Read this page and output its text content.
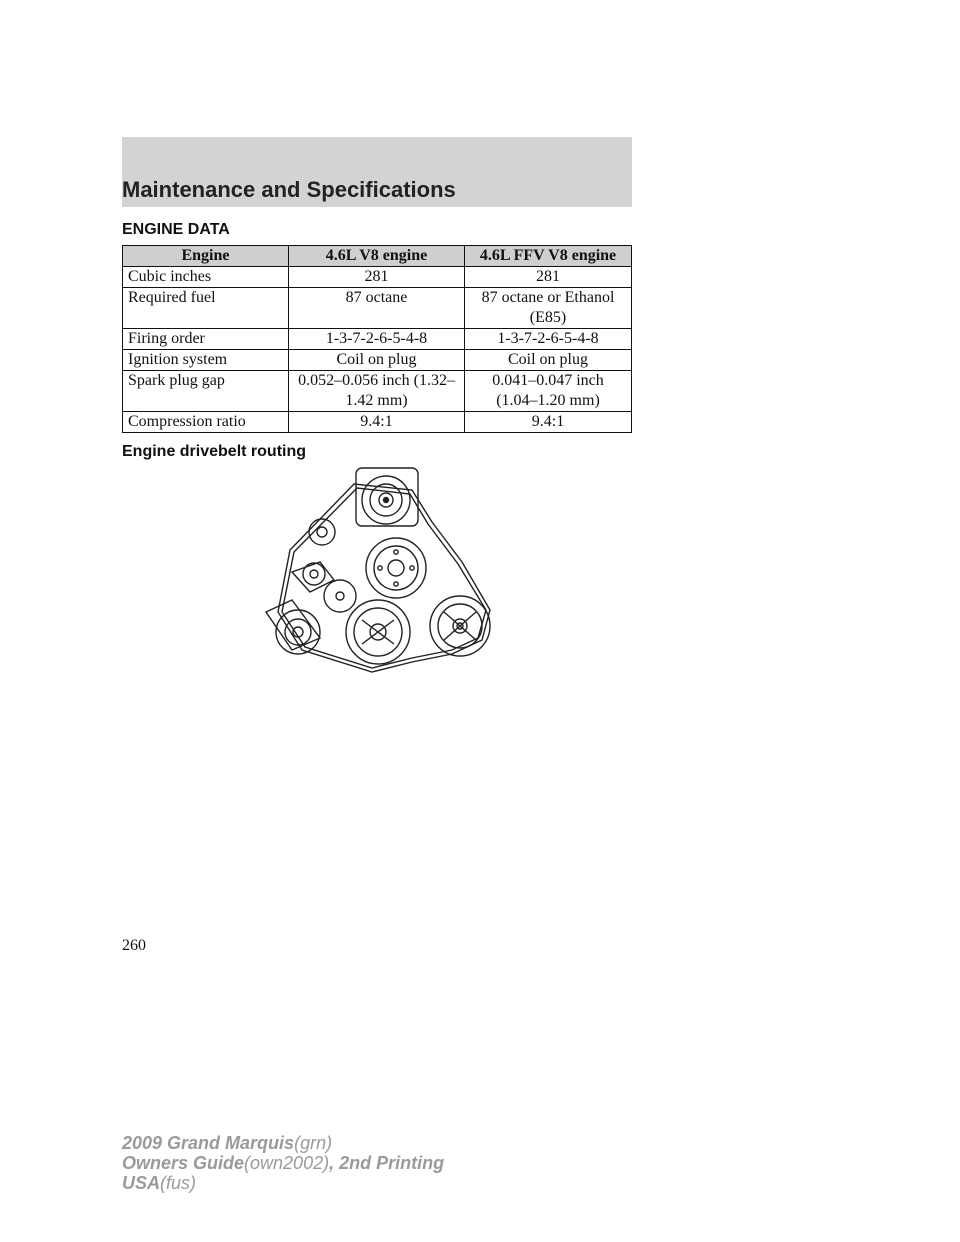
Maintenance and Specifications
ENGINE DATA
Engine	4.6L V8 engine	4.6L FFV V8 engine
Cubic inches	281	281
Required fuel	87 octane	87 octane or Ethanol (E85)
Firing order	1-3-7-2-6-5-4-8	1-3-7-2-6-5-4-8
Ignition system	Coil on plug	Coil on plug
Spark plug gap	0.052–0.056 inch (1.32–1.42 mm)	0.041–0.047 inch (1.04–1.20 mm)
Compression ratio	9.4:1	9.4:1
Engine drivebelt routing
260
2009 Grand Marquis(grn)
Owners Guide(own2002), 2nd Printing
USA(fus)
